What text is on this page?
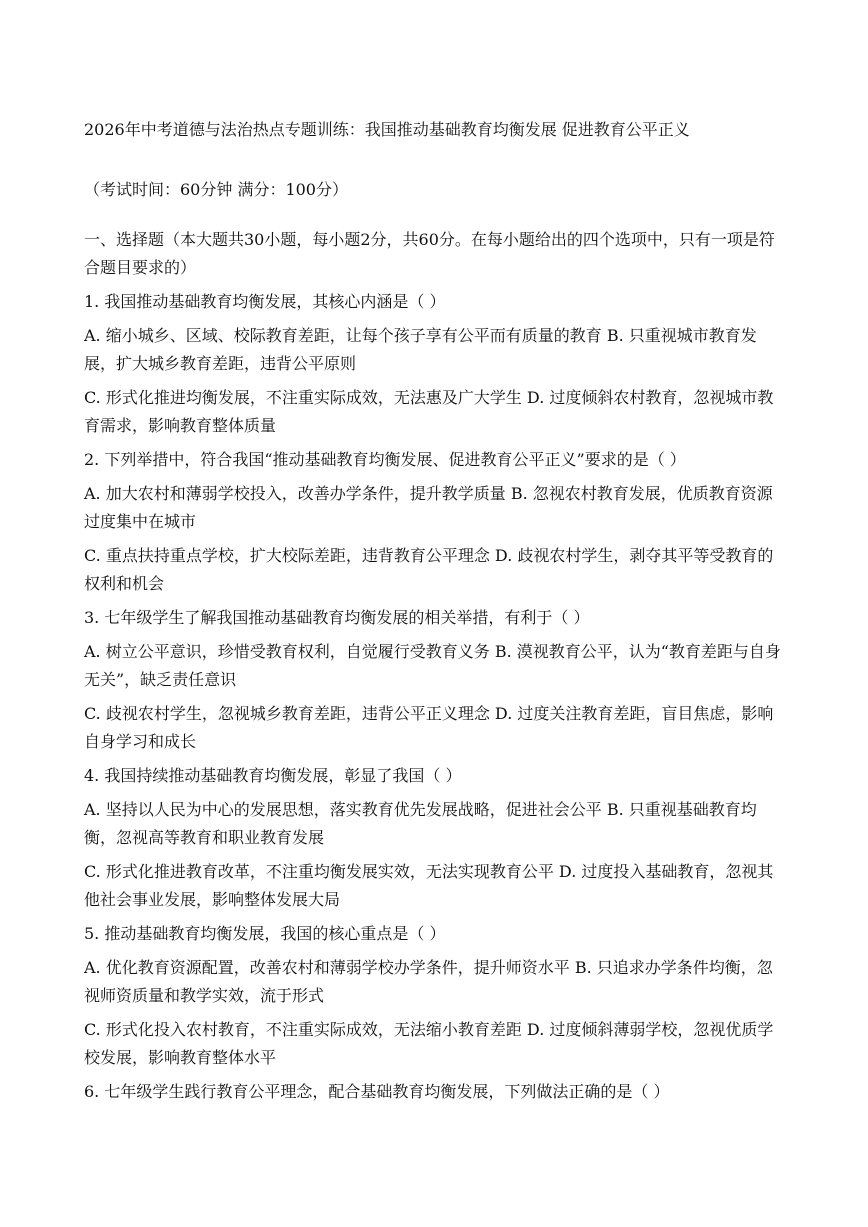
2026年中考道德与法治热点专题训练：我国推动基础教育均衡发展 促进教育公平正义
（考试时间：60分钟 满分：100分）
一、选择题（本大题共30小题，每小题2分，共60分。在每小题给出的四个选项中，只有一项是符合题目要求的）
1. 我国推动基础教育均衡发展，其核心内涵是（ ）
A. 缩小城乡、区域、校际教育差距，让每个孩子享有公平而有质量的教育 B. 只重视城市教育发展，扩大城乡教育差距，违背公平原则
C. 形式化推进均衡发展，不注重实际成效，无法惠及广大学生 D. 过度倾斜农村教育，忽视城市教育需求，影响教育整体质量
2. 下列举措中，符合我国“推动基础教育均衡发展、促进教育公平正义”要求的是（ ）
A. 加大农村和薄弱学校投入，改善办学条件，提升教学质量 B. 忽视农村教育发展，优质教育资源过度集中在城市
C. 重点扶持重点学校，扩大校际差距，违背教育公平理念 D. 歧视农村学生，剥夺其平等受教育的权利和机会
3. 七年级学生了解我国推动基础教育均衡发展的相关举措，有利于（ ）
A. 树立公平意识，珍惜受教育权利，自觉履行受教育义务 B. 漠视教育公平，认为“教育差距与自身无关”，缺乏责任意识
C. 歧视农村学生，忽视城乡教育差距，违背公平正义理念 D. 过度关注教育差距，盲目焦虑，影响自身学习和成长
4. 我国持续推动基础教育均衡发展，彰显了我国（ ）
A. 坚持以人民为中心的发展思想，落实教育优先发展战略，促进社会公平 B. 只重视基础教育均衡，忽视高等教育和职业教育发展
C. 形式化推进教育改革，不注重均衡发展实效，无法实现教育公平 D. 过度投入基础教育，忽视其他社会事业发展，影响整体发展大局
5. 推动基础教育均衡发展，我国的核心重点是（ ）
A. 优化教育资源配置，改善农村和薄弱学校办学条件，提升师资水平 B. 只追求办学条件均衡，忽视师资质量和教学实效，流于形式
C. 形式化投入农村教育，不注重实际成效，无法缩小教育差距 D. 过度倾斜薄弱学校，忽视优质学校发展，影响教育整体水平
6. 七年级学生践行教育公平理念，配合基础教育均衡发展，下列做法正确的是（ ）
